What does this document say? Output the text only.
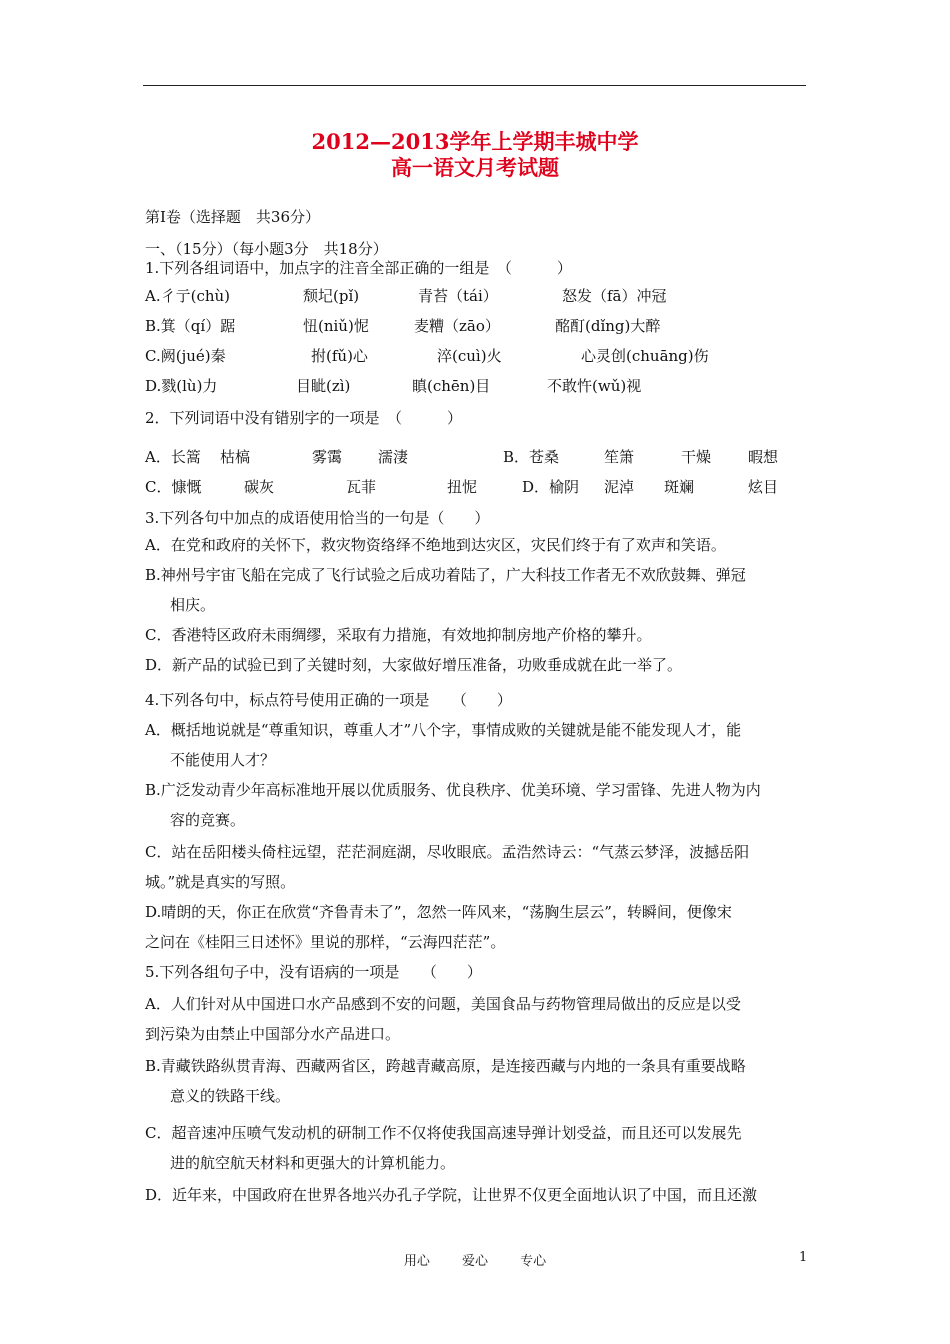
2012—2013学年上学期丰城中学
高一语文月考试题
第Ⅰ卷（选择题　共36分）
一、（15分）（每小题3分　共18分）
1.下列各组词语中，加点字的注音全部正确的一组是　（　　　）
A.彳亍(chù)	颓圮(pǐ)	青苔（tái）	怒发（fā）冲冠
B.箕（qí）踞	忸(niǔ)怩	麦糟（zāo）	酩酊(dǐng)大醉
C.阙(jué)秦	拊(fǔ)心	淬(cuì)火	心灵创(chuāng)伤
D.戮(lù)力	目眦(zì)	瞋(chēn)目	不敢忤(wǔ)视
2．下列词语中没有错别字的一项是　（　　　）
A．长篙 枯槁	雾霭 濡淒	B．苍桑	笙箫	干燥 暇想
C．慷慨	碳灰	瓦菲	扭怩	D．榆阴 泥淖 斑斓	炫目
3.下列各句中加点的成语使用恰当的一句是（　　）
A．在党和政府的关怀下，救灾物资络绎不绝地到达灾区，灾民们终于有了欢声和笑语。
B.神州号宇宙飞船在完成了飞行试验之后成功着陆了，广大科技工作者无不欢欣鼓舞、弹冠
相庆。
C．香港特区政府未雨绸缪，采取有力措施，有效地抑制房地产价格的攀升。
D．新产品的试验已到了关键时刻，大家做好增压准备，功败垂成就在此一举了。
4.下列各句中，标点符号使用正确的一项是　　（　　）
A．概括地说就是“尊重知识，尊重人才”八个字，事情成败的关键就是能不能发现人才，能
不能使用人才？
B.广泛发动青少年高标准地开展以优质服务、优良秩序、优美环境、学习雷锋、先进人物为内
容的竞赛。
C．站在岳阳楼头倚柱远望，茫茫洞庭湖，尽收眼底。孟浩然诗云：“气蒸云梦泽，波撼岳阳
城。”就是真实的写照。
D.晴朗的天，你正在欣赏“齐鲁青未了”，忽然一阵风来，“荡胸生层云”，转瞬间，便像宋
之问在《桂阳三日述怀》里说的那样，“云海四茫茫”。
5.下列各组句子中，没有语病的一项是　　（　　）
A．人们针对从中国进口水产品感到不安的问题，美国食品与药物管理局做出的反应是以受
到污染为由禁止中国部分水产品进口。
B.青藏铁路纵贯青海、西藏两省区，跨越青藏高原，是连接西藏与内地的一条具有重要战略
意义的铁路干线。
C．超音速冲压喷气发动机的研制工作不仅将使我国高速导弹计划受益，而且还可以发展先
进的航空航天材料和更强大的计算机能力。
D．近年来，中国政府在世界各地兴办孔子学院，让世界不仅更全面地认识了中国，而且还激
用心 爱心 专心	1
